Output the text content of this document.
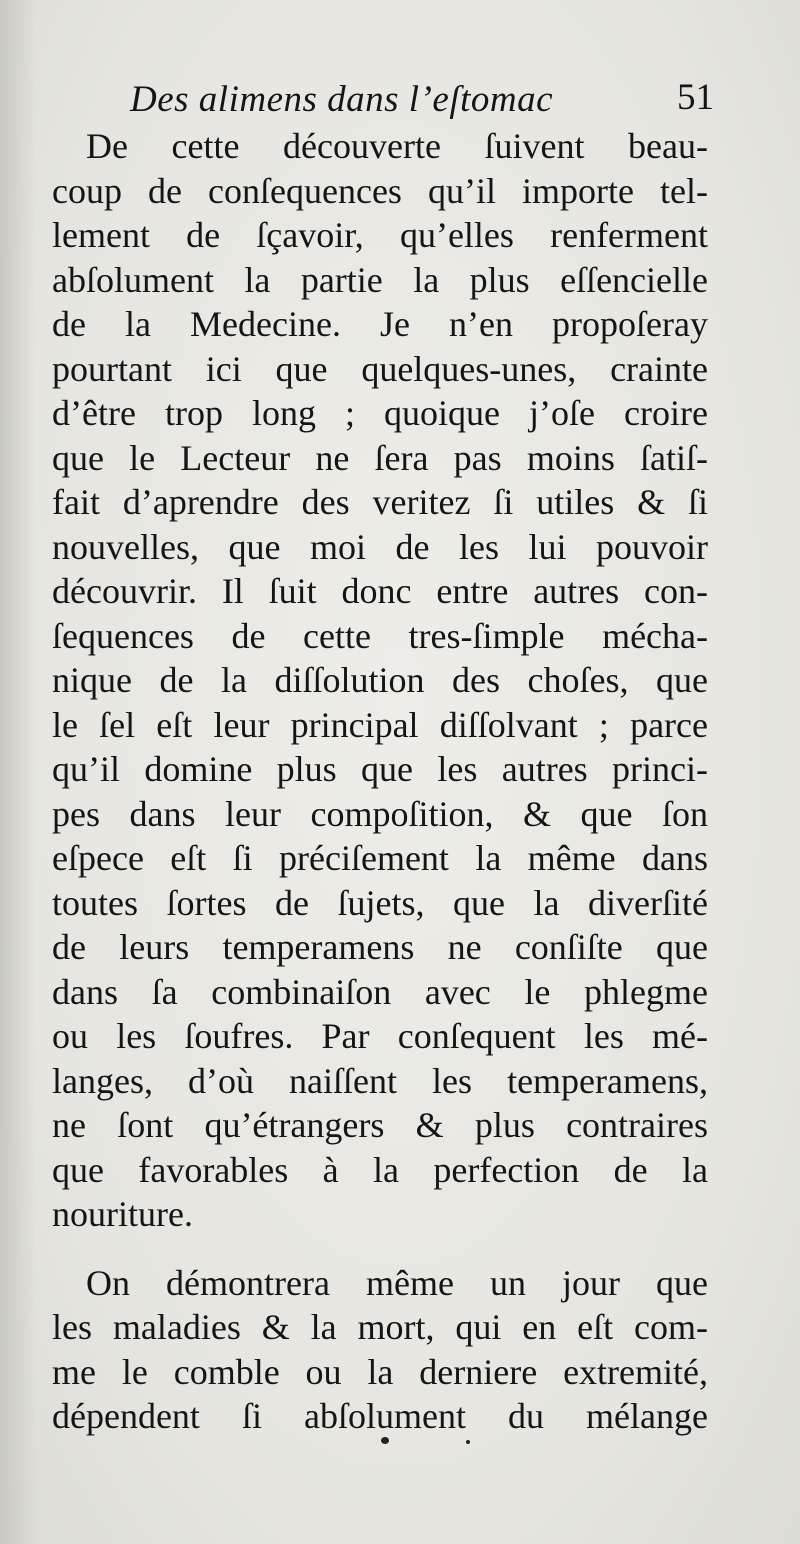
Des alimens dans l’eſtomac	51
De cette découverte ſuivent beau-
coup de conſequences qu’il importe tel-
lement de ſçavoir, qu’elles renferment
abſolument la partie la plus eſſencielle
de la Medecine. Je n’en propoſeray
pourtant ici que quelques-unes, crainte
d’être trop long ; quoique j’oſe croire
que le Lecteur ne ſera pas moins ſatiſ-
fait d’aprendre des veritez ſi utiles & ſi
nouvelles, que moi de les lui pouvoir
découvrir. Il ſuit donc entre autres con-
ſequences de cette tres-ſimple mécha-
nique de la diſſolution des choſes, que
le ſel eſt leur principal diſſolvant ; parce
qu’il domine plus que les autres princi-
pes dans leur compoſition, & que ſon
eſpece eſt ſi préciſement la même dans
toutes ſortes de ſujets, que la diverſité
de leurs temperamens ne conſiſte que
dans ſa combinaiſon avec le phlegme
ou les ſoufres. Par conſequent les mé-
langes, d’où naiſſent les temperamens,
ne ſont qu’étrangers & plus contraires
que favorables à la perfection de la
nouriture.
On démontrera même un jour que
les maladies & la mort, qui en eſt com-
me le comble ou la derniere extremité,
dépendent ſi abſolument du mélange
